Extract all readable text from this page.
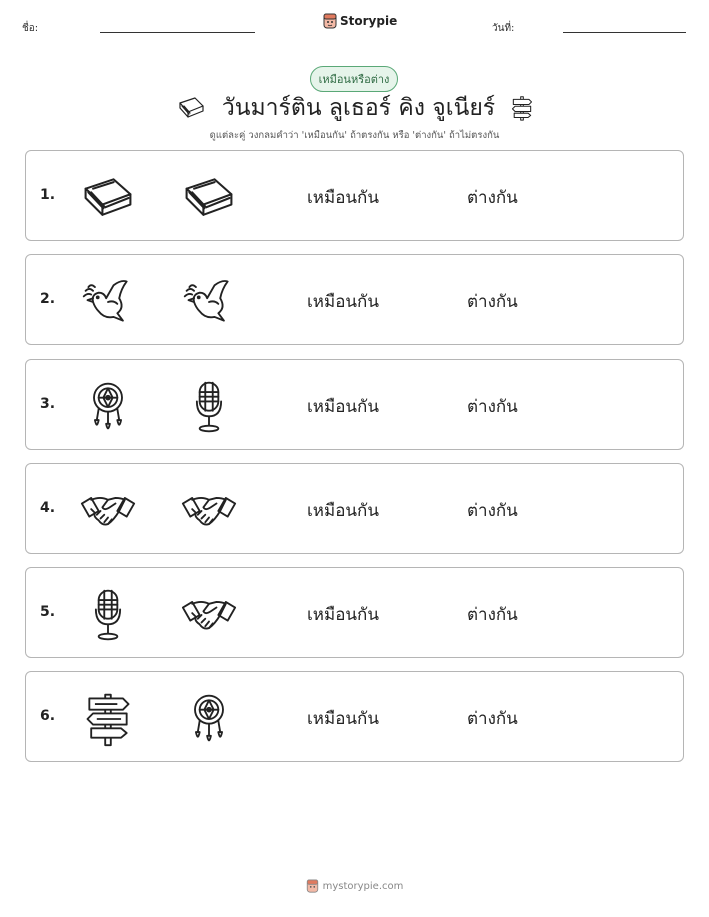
ชื่อ:
Storypie
วันที่:
เหมือนหรือต่าง
วันมาร์ติน ลูเธอร์ คิง จูเนียร์
ดูแต่ละคู่ วงกลมคำว่า 'เหมือนกัน' ถ้าตรงกัน หรือ 'ต่างกัน' ถ้าไม่ตรงกัน
1.	เหมือนกัน	ต่างกัน
2.	เหมือนกัน	ต่างกัน
3.	เหมือนกัน	ต่างกัน
4.	เหมือนกัน	ต่างกัน
5.	เหมือนกัน	ต่างกัน
6.	เหมือนกัน	ต่างกัน
mystorypie.com
